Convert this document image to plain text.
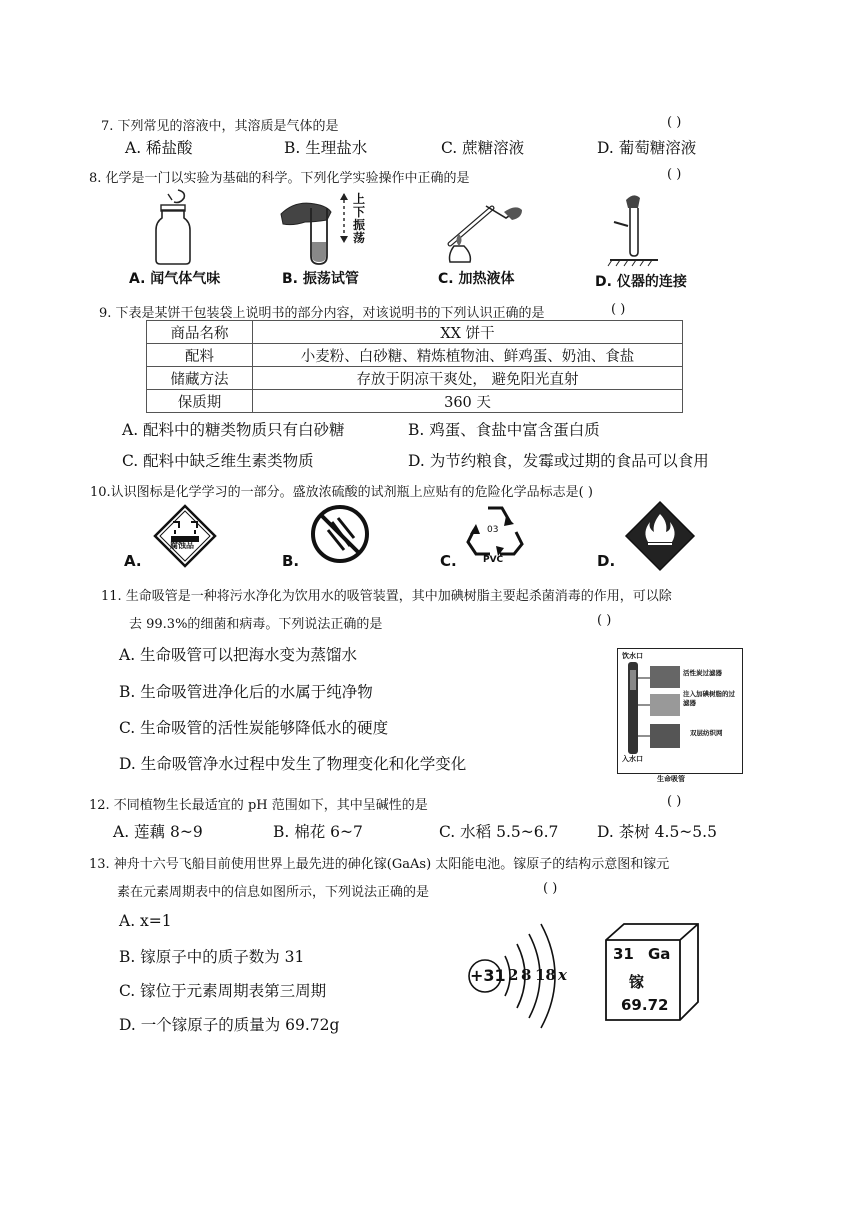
7. 下列常见的溶液中，其溶质是气体的是	( )
A. 稀盐酸	B. 生理盐水	C. 蔗糖溶液	D. 葡萄糖溶液
8. 化学是一门以实验为基础的科学。下列化学实验操作中正确的是	( )
A. 闻气体气味
上
下
振
荡
B. 振荡试管	C. 加热液体	D. 仪器的连接
9. 下表是某饼干包装袋上说明书的部分内容，对该说明书的下列认识正确的是	( )
商品名称	XX 饼干
配料	小麦粉、白砂糖、精炼植物油、鲜鸡蛋、奶油、食盐
储藏方法	存放于阴凉干爽处， 避免阳光直射
保质期	360 天
A. 配料中的糖类物质只有白砂糖	B. 鸡蛋、食盐中富含蛋白质
C. 配料中缺乏维生素类物质	D. 为节约粮食，发霉或过期的食品可以食用
10.认识图标是化学学习的一部分。盛放浓硫酸的试剂瓶上应贴有的危险化学品标志是( )
腐蚀品
A.	B.
03
PVC
C.	D.
11. 生命吸管是一种将污水净化为饮用水的吸管装置，其中加碘树脂主要起杀菌消毒的作用，可以除
去 99.3%的细菌和病毒。下列说法正确的是	( )
A. 生命吸管可以把海水变为蒸馏水
B. 生命吸管进净化后的水属于纯净物
C. 生命吸管的活性炭能够降低水的硬度
D. 生命吸管净水过程中发生了物理变化和化学变化
饮水口
活性炭过滤器
注入加碘树脂的过滤器
双层纺织网
入水口
生命吸管
12. 不同植物生长最适宜的 pH 范围如下，其中呈碱性的是	( )
A. 莲藕 8~9	B. 棉花 6~7	C. 水稻 5.5~6.7 D. 茶树 4.5~5.5
13. 神舟十六号飞船目前使用世界上最先进的砷化镓(GaAs) 太阳能电池。镓原子的结构示意图和镓元
素在元素周期表中的信息如图所示，下列说法正确的是	( )
A. x=1
B. 镓原子中的质子数为 31
C. 镓位于元素周期表第三周期
D. 一个镓原子的质量为 69.72g
+31 2 8 18 x
31 Ga
镓
69.72
